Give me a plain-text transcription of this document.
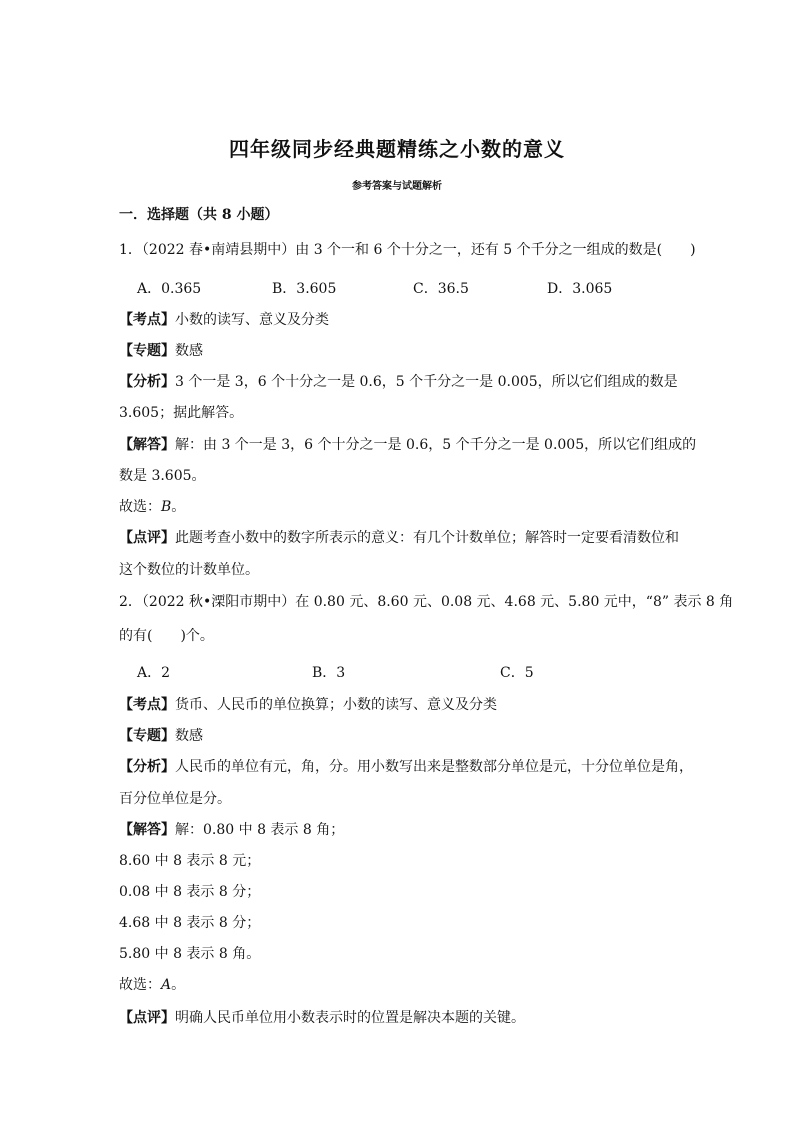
四年级同步经典题精练之小数的意义
参考答案与试题解析
一．选择题（共 8 小题）
1．（2022 春•南靖县期中）由 3 个一和 6 个十分之一，还有 5 个千分之一组成的数是(　　)
A．0.365	B．3.605	C．36.5	D．3.065
【考点】小数的读写、意义及分类
【专题】数感
【分析】3 个一是 3，6 个十分之一是 0.6，5 个千分之一是 0.005，所以它们组成的数是
3.605；据此解答。
【解答】解：由 3 个一是 3，6 个十分之一是 0.6，5 个千分之一是 0.005，所以它们组成的
数是 3.605。
故选：B。
【点评】此题考查小数中的数字所表示的意义：有几个计数单位；解答时一定要看清数位和
这个数位的计数单位。
2．（2022 秋•溧阳市期中）在 0.80 元、8.60 元、0.08 元、4.68 元、5.80 元中，“8” 表示 8 角
的有(　　)个。
A．2	B．3	C．5
【考点】货币、人民币的单位换算；小数的读写、意义及分类
【专题】数感
【分析】人民币的单位有元，角，分。用小数写出来是整数部分单位是元，十分位单位是角，
百分位单位是分。
【解答】解：0.80 中 8 表示 8 角；
8.60 中 8 表示 8 元；
0.08 中 8 表示 8 分；
4.68 中 8 表示 8 分；
5.80 中 8 表示 8 角。
故选：A。
【点评】明确人民币单位用小数表示时的位置是解决本题的关键。
